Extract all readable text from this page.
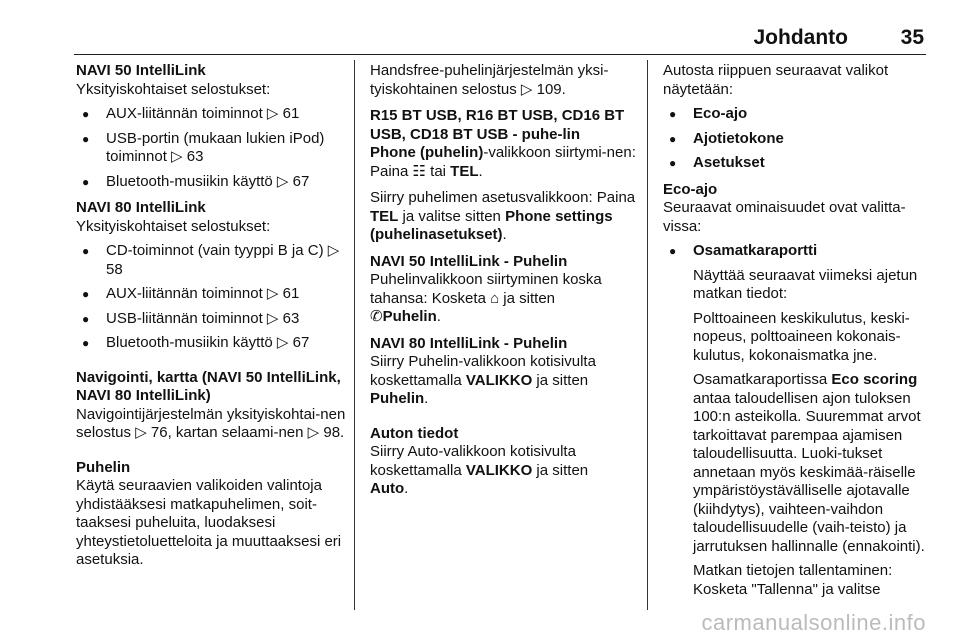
Johdanto	35

NAVI 50 IntelliLink

Yksityiskohtaiset selostukset:

● AUX-liitännän toiminnot ▷ 61
● USB-portin (mukaan lukien iPod) toiminnot ▷ 63
● Bluetooth-musiikin käyttö ▷ 67

NAVI 80 IntelliLink

Yksityiskohtaiset selostukset:

● CD-toiminnot (vain tyyppi B ja C) ▷ 58
● AUX-liitännän toiminnot ▷ 61
● USB-liitännän toiminnot ▷ 63
● Bluetooth-musiikin käyttö ▷ 67

Navigointi, kartta (NAVI 50 IntelliLink, NAVI 80 IntelliLink)

Navigointijärjestelmän yksityiskohtai-nen selostus ▷ 76, kartan selaami-nen ▷ 98.

Puhelin

Käytä seuraavien valikoiden valintoja yhdistääksesi matkapuhelimen, soit-taaksesi puheluita, luodaksesi yhteystietoluetteloita ja muuttaaksesi eri asetuksia.

Handsfree-puhelinjärjestelmän yksi-tyiskohtainen selostus ▷ 109.

R15 BT USB, R16 BT USB, CD16 BT USB, CD18 BT USB - puhe-lin

Phone (puhelin)-valikkoon siirtymi-nen: Paina ☷ tai TEL.

Siirry puhelimen asetusvalikkoon: Paina TEL ja valitse sitten Phone settings (puhelinasetukset).

NAVI 50 IntelliLink - Puhelin

Puhelinvalikkoon siirtyminen koska tahansa: Kosketa ⌂ ja sitten
✆Puhelin.

NAVI 80 IntelliLink - Puhelin

Siirry Puhelin-valikkoon kotisivulta koskettamalla VALIKKO ja sitten
Puhelin.

Auton tiedot

Siirry Auto-valikkoon kotisivulta koskettamalla VALIKKO ja sitten
Auto.

Autosta riippuen seuraavat valikot näytetään:

● Eco-ajo
● Ajotietokone
● Asetukset

Eco-ajo

Seuraavat ominaisuudet ovat valitta-vissa:

● Osamatkaraportti

Näyttää seuraavat viimeksi ajetun matkan tiedot:

Polttoaineen keskikulutus, keski-nopeus, polttoaineen kokonais-kulutus, kokonaismatka jne.

Osamatkaraportissa Eco scoring antaa taloudellisen ajon tuloksen 100:n asteikolla. Suuremmat arvot tarkoittavat parempaa ajamisen taloudellisuutta. Luoki-tukset annetaan myös keskimää-räiselle ympäristöystävälliselle ajotavalle (kiihdytys), vaihteen-vaihdon taloudellisuudelle (vaih-teisto) ja jarrutuksen hallinnalle (ennakointi).

Matkan tietojen tallentaminen: Kosketa "Tallenna" ja valitse

carmanualsonline.info
